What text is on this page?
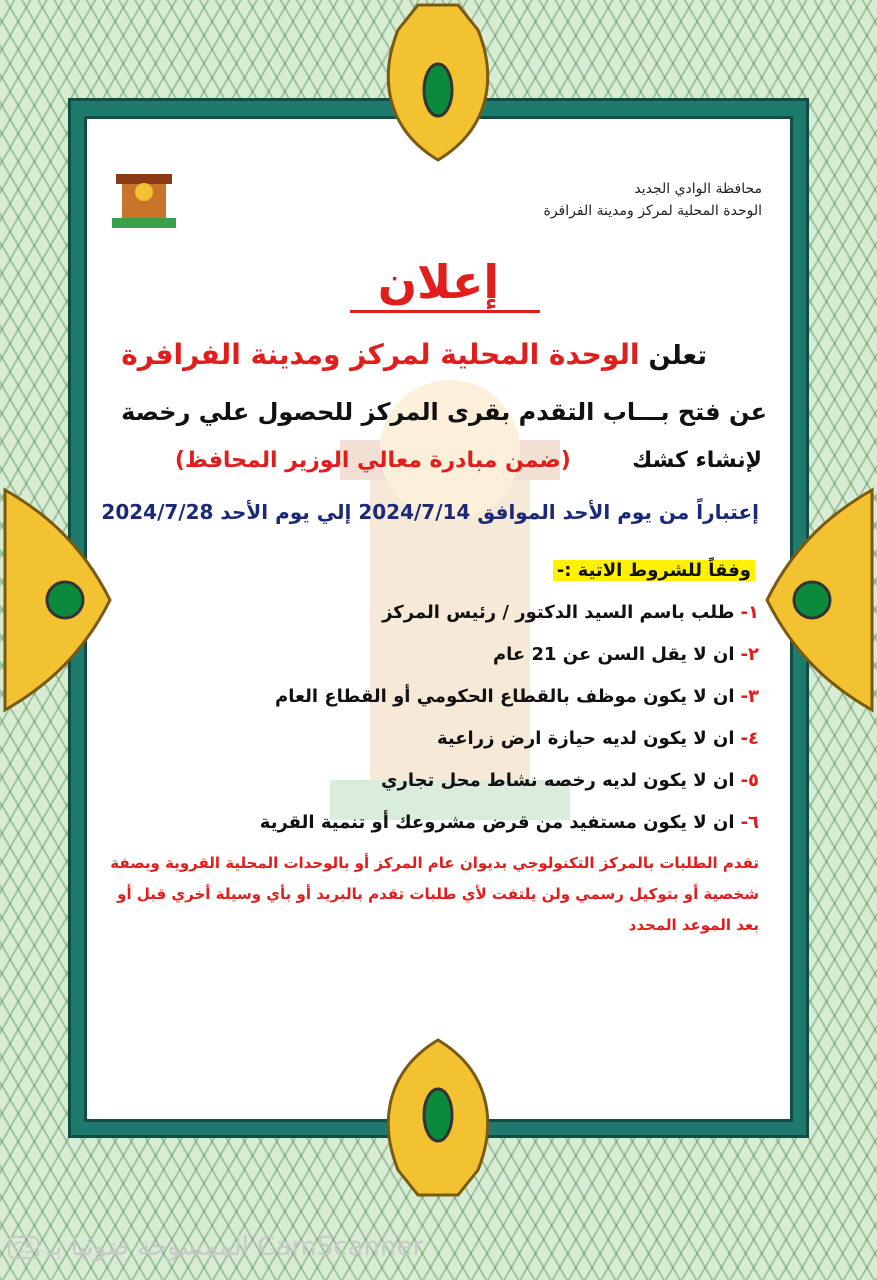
محافظة الوادي الجديد
الوحدة المحلية لمركز ومدينة الفرافرة
إعلان
تعلن الوحدة المحلية لمركز ومدينة الفرافرة
عن فتح بـــاب التقدم بقرى المركز للحصول علي رخصة
لإنشاء كشك        (ضمن مبادرة معالي الوزير المحافظ)
إعتباراً من يوم الأحد الموافق 2024/7/14 إلي يوم الأحد 2024/7/28
وفقاً للشروط الاتية :-
١-طلب باسم السيد الدكتور / رئيس المركز
٢-ان لا يقل السن عن 21 عام
٣-ان لا يكون موظف بالقطاع الحكومي أو القطاع العام
٤-ان لا يكون لديه حيازة ارض زراعية
٥-ان لا يكون لديه رخصه نشاط محل تجاري
٦-ان لا يكون مستفيد من قرض مشروعك أو تنمية القرية
تقدم الطلبات بالمركز التكنولوجي بديوان عام المركز أو بالوحدات المحلية القروية وبصفة شخصية أو بتوكيل رسمي ولن يلتفت لأي طلبات تقدم بالبريد أو بأي وسيلة أخري قبل أو بعد الموعد المحدد
CS الممسوحة ضوئيا بـ CamScanner
